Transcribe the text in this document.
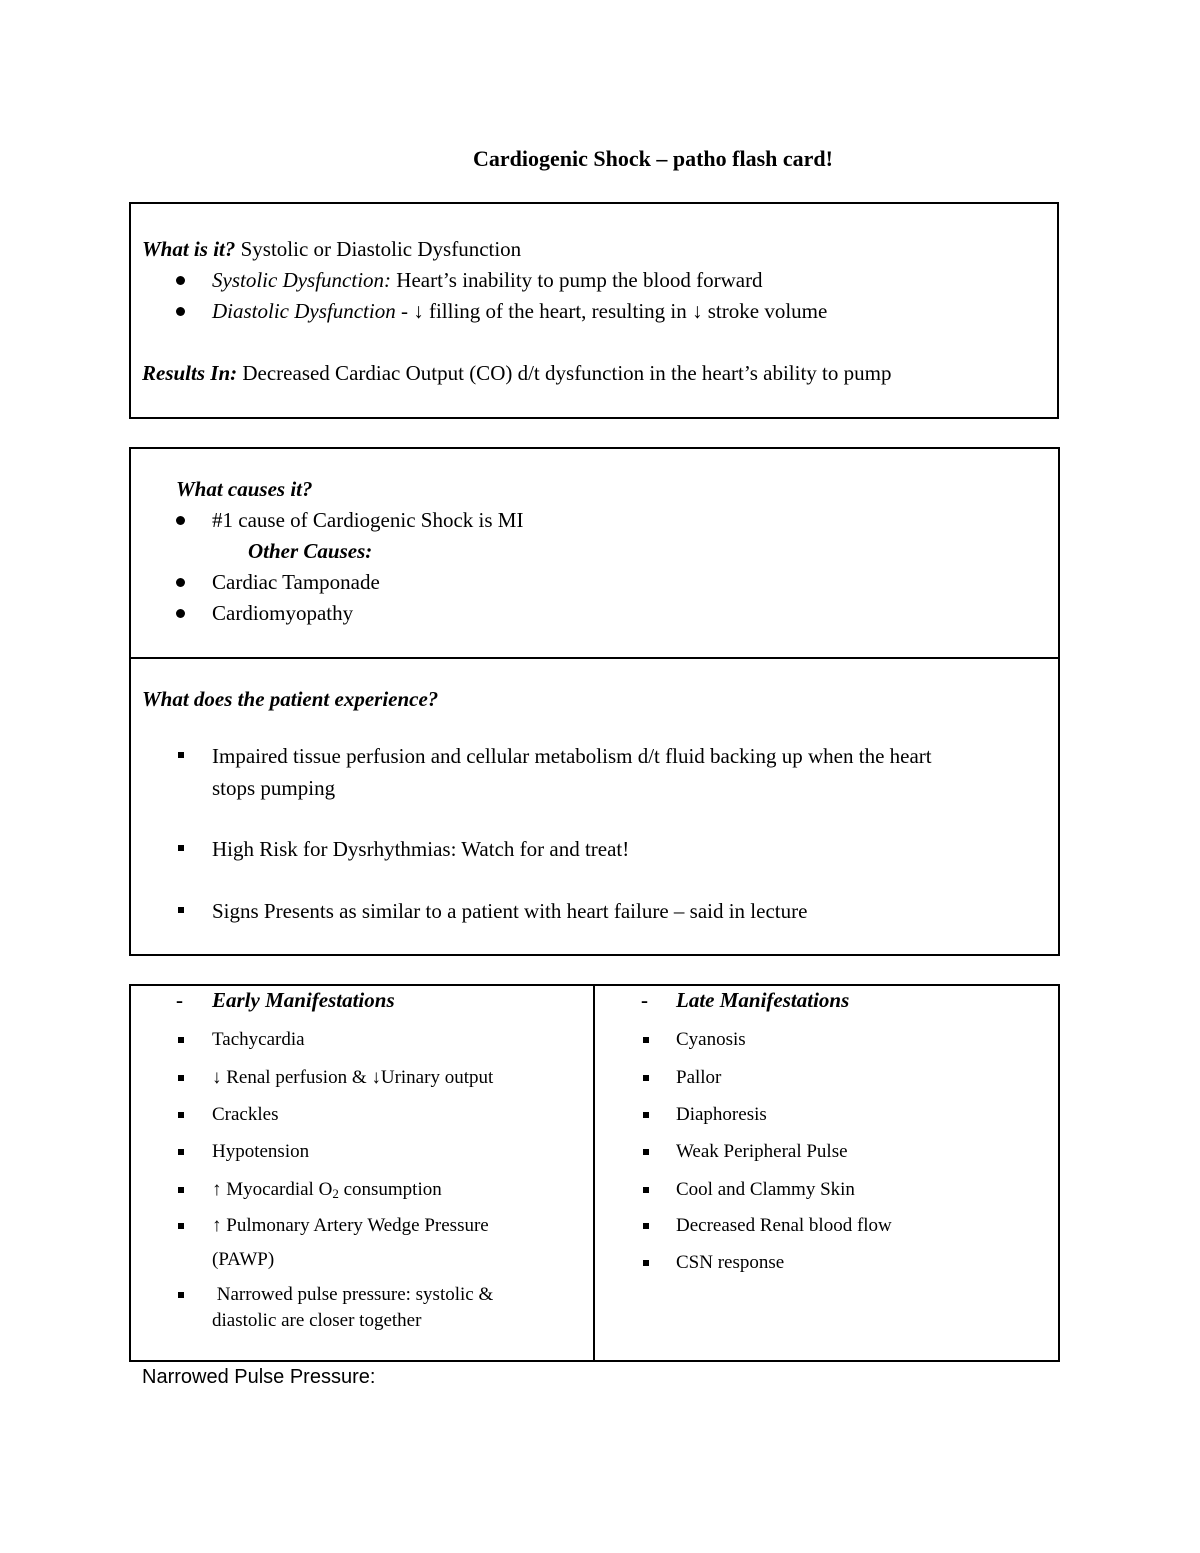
Cardiogenic Shock – patho flash card!
What is it? Systolic or Diastolic Dysfunction
Systolic Dysfunction: Heart’s inability to pump the blood forward
Diastolic Dysfunction - ↓ filling of the heart, resulting in ↓ stroke volume
Results In: Decreased Cardiac Output (CO) d/t dysfunction in the heart’s ability to pump
What causes it?
#1 cause of Cardiogenic Shock is MI
Other Causes:
Cardiac Tamponade
Cardiomyopathy
What does the patient experience?
Impaired tissue perfusion and cellular metabolism d/t fluid backing up when the heart
stops pumping
High Risk for Dysrhythmias: Watch for and treat!
Signs Presents as similar to a patient with heart failure – said in lecture
- Early Manifestations
Tachycardia
↓ Renal perfusion & ↓Urinary output
Crackles
Hypotension
↑ Myocardial $O_2$ consumption
↑ Pulmonary Artery Wedge Pressure
(PAWP)
Narrowed pulse pressure: systolic &
diastolic are closer together
- Late Manifestations
Cyanosis
Pallor
Diaphoresis
Weak Peripheral Pulse
Cool and Clammy Skin
Decreased Renal blood flow
CSN response
Narrowed Pulse Pressure:
